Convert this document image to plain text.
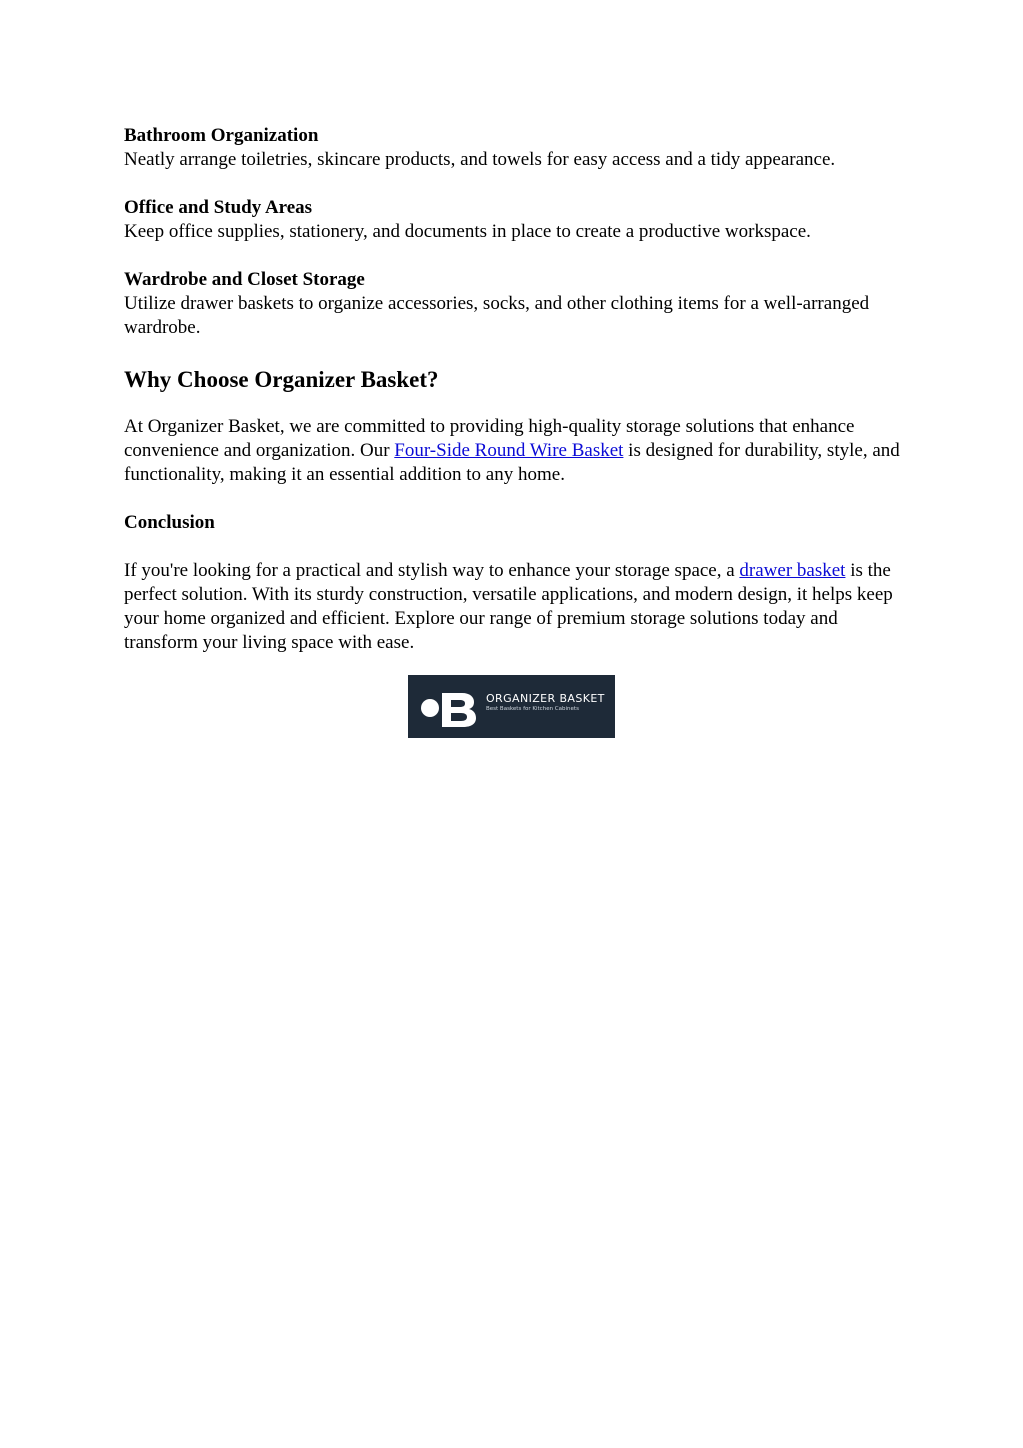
Bathroom Organization

Neatly arrange toiletries, skincare products, and towels for easy access and a tidy appearance.

Office and Study Areas

Keep office supplies, stationery, and documents in place to create a productive workspace.

Wardrobe and Closet Storage

Utilize drawer baskets to organize accessories, socks, and other clothing items for a well-arranged wardrobe.

Why Choose Organizer Basket?

At Organizer Basket, we are committed to providing high-quality storage solutions that enhance convenience and organization. Our Four-Side Round Wire Basket is designed for durability, style, and functionality, making it an essential addition to any home.

Conclusion

If you're looking for a practical and stylish way to enhance your storage space, a drawer basket is the perfect solution. With its sturdy construction, versatile applications, and modern design, it helps keep your home organized and efficient. Explore our range of premium storage solutions today and transform your living space with ease.

ORGANIZER BASKET
Best Baskets for Kitchen Cabinets
